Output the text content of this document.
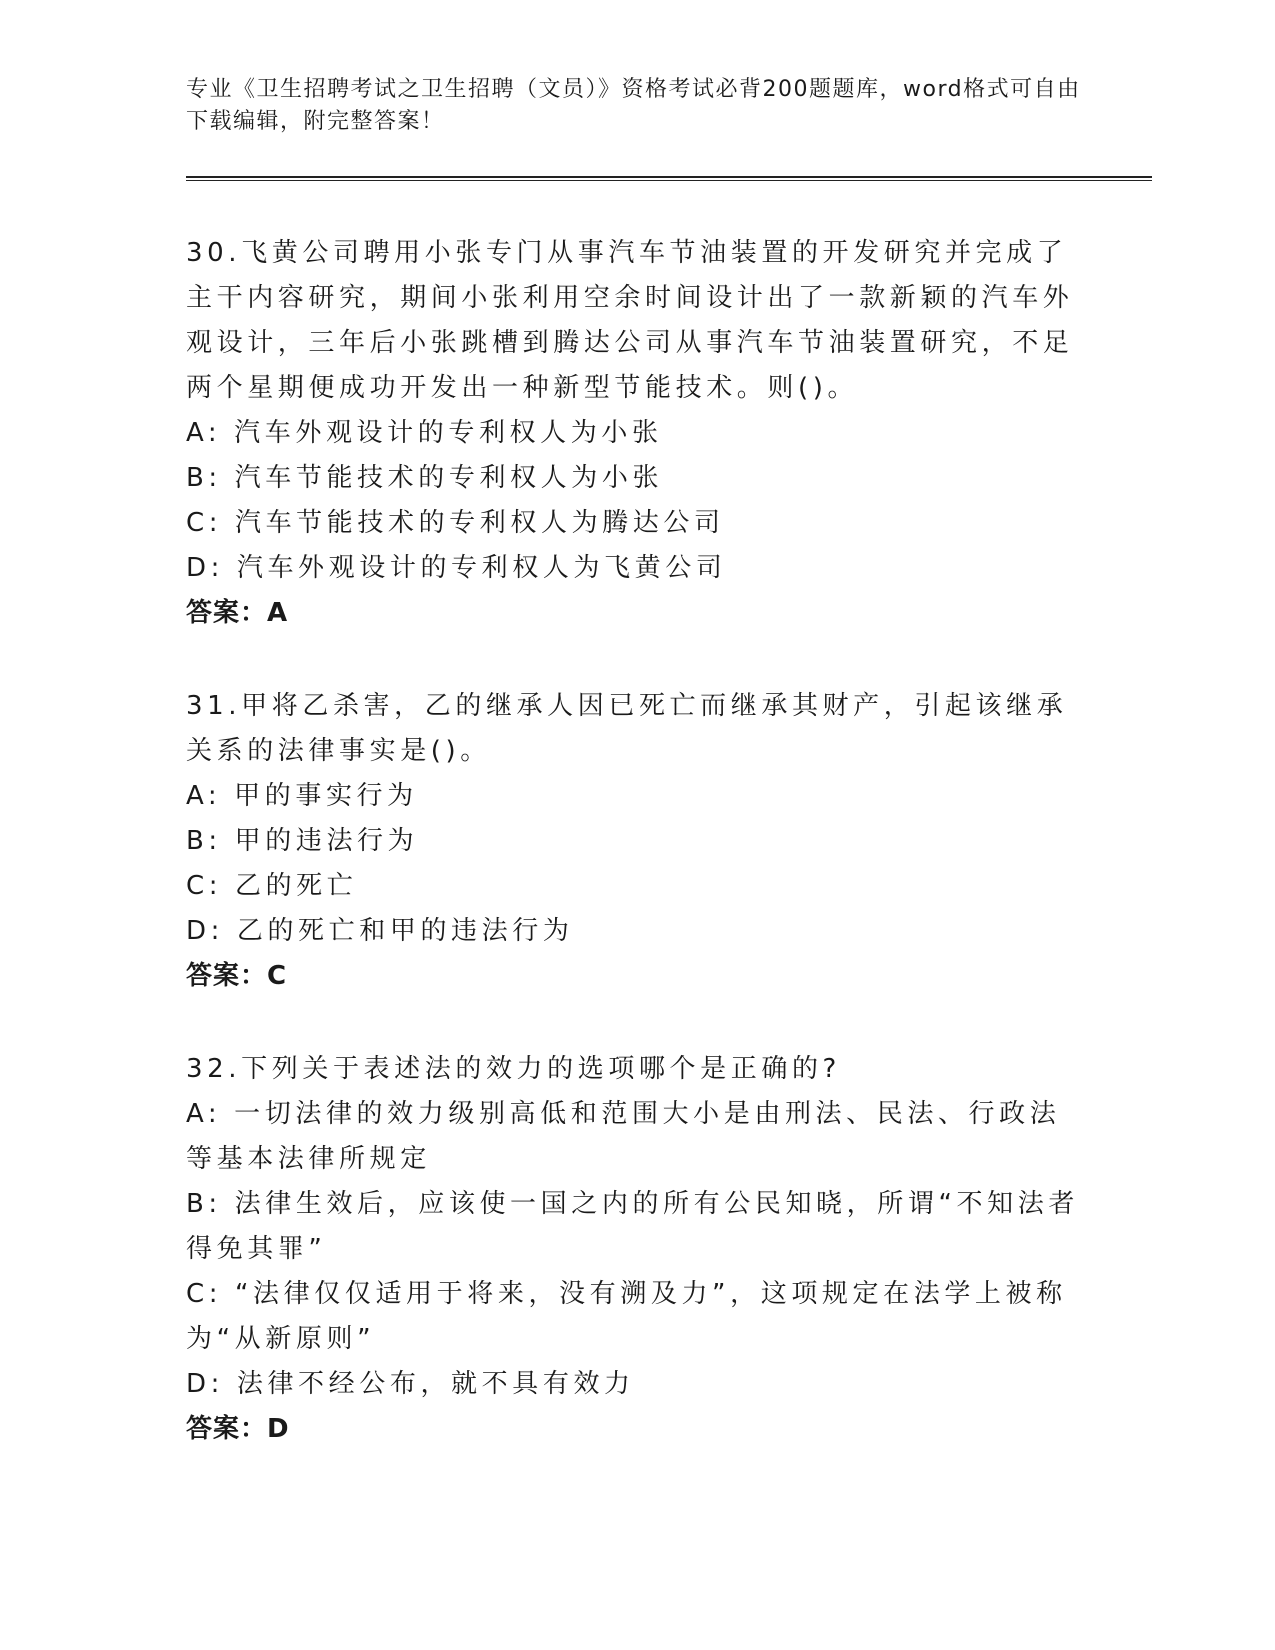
专业《卫生招聘考试之卫生招聘（文员）》资格考试必背200题题库，word格式可自由下载编辑，附完整答案！

30.飞黄公司聘用小张专门从事汽车节油装置的开发研究并完成了主干内容研究，期间小张利用空余时间设计出了一款新颖的汽车外观设计，三年后小张跳槽到腾达公司从事汽车节油装置研究，不足两个星期便成功开发出一种新型节能技术。则()。

A: 汽车外观设计的专利权人为小张

B: 汽车节能技术的专利权人为小张

C: 汽车节能技术的专利权人为腾达公司

D: 汽车外观设计的专利权人为飞黄公司

答案：A

31.甲将乙杀害，乙的继承人因已死亡而继承其财产，引起该继承关系的法律事实是()。

A: 甲的事实行为

B: 甲的违法行为

C: 乙的死亡

D: 乙的死亡和甲的违法行为

答案：C

32.下列关于表述法的效力的选项哪个是正确的?

A: 一切法律的效力级别高低和范围大小是由刑法、民法、行政法等基本法律所规定

B: 法律生效后，应该使一国之内的所有公民知晓，所谓“不知法者得免其罪”

C: “法律仅仅适用于将来，没有溯及力”，这项规定在法学上被称为“从新原则”

D: 法律不经公布，就不具有效力

答案：D
